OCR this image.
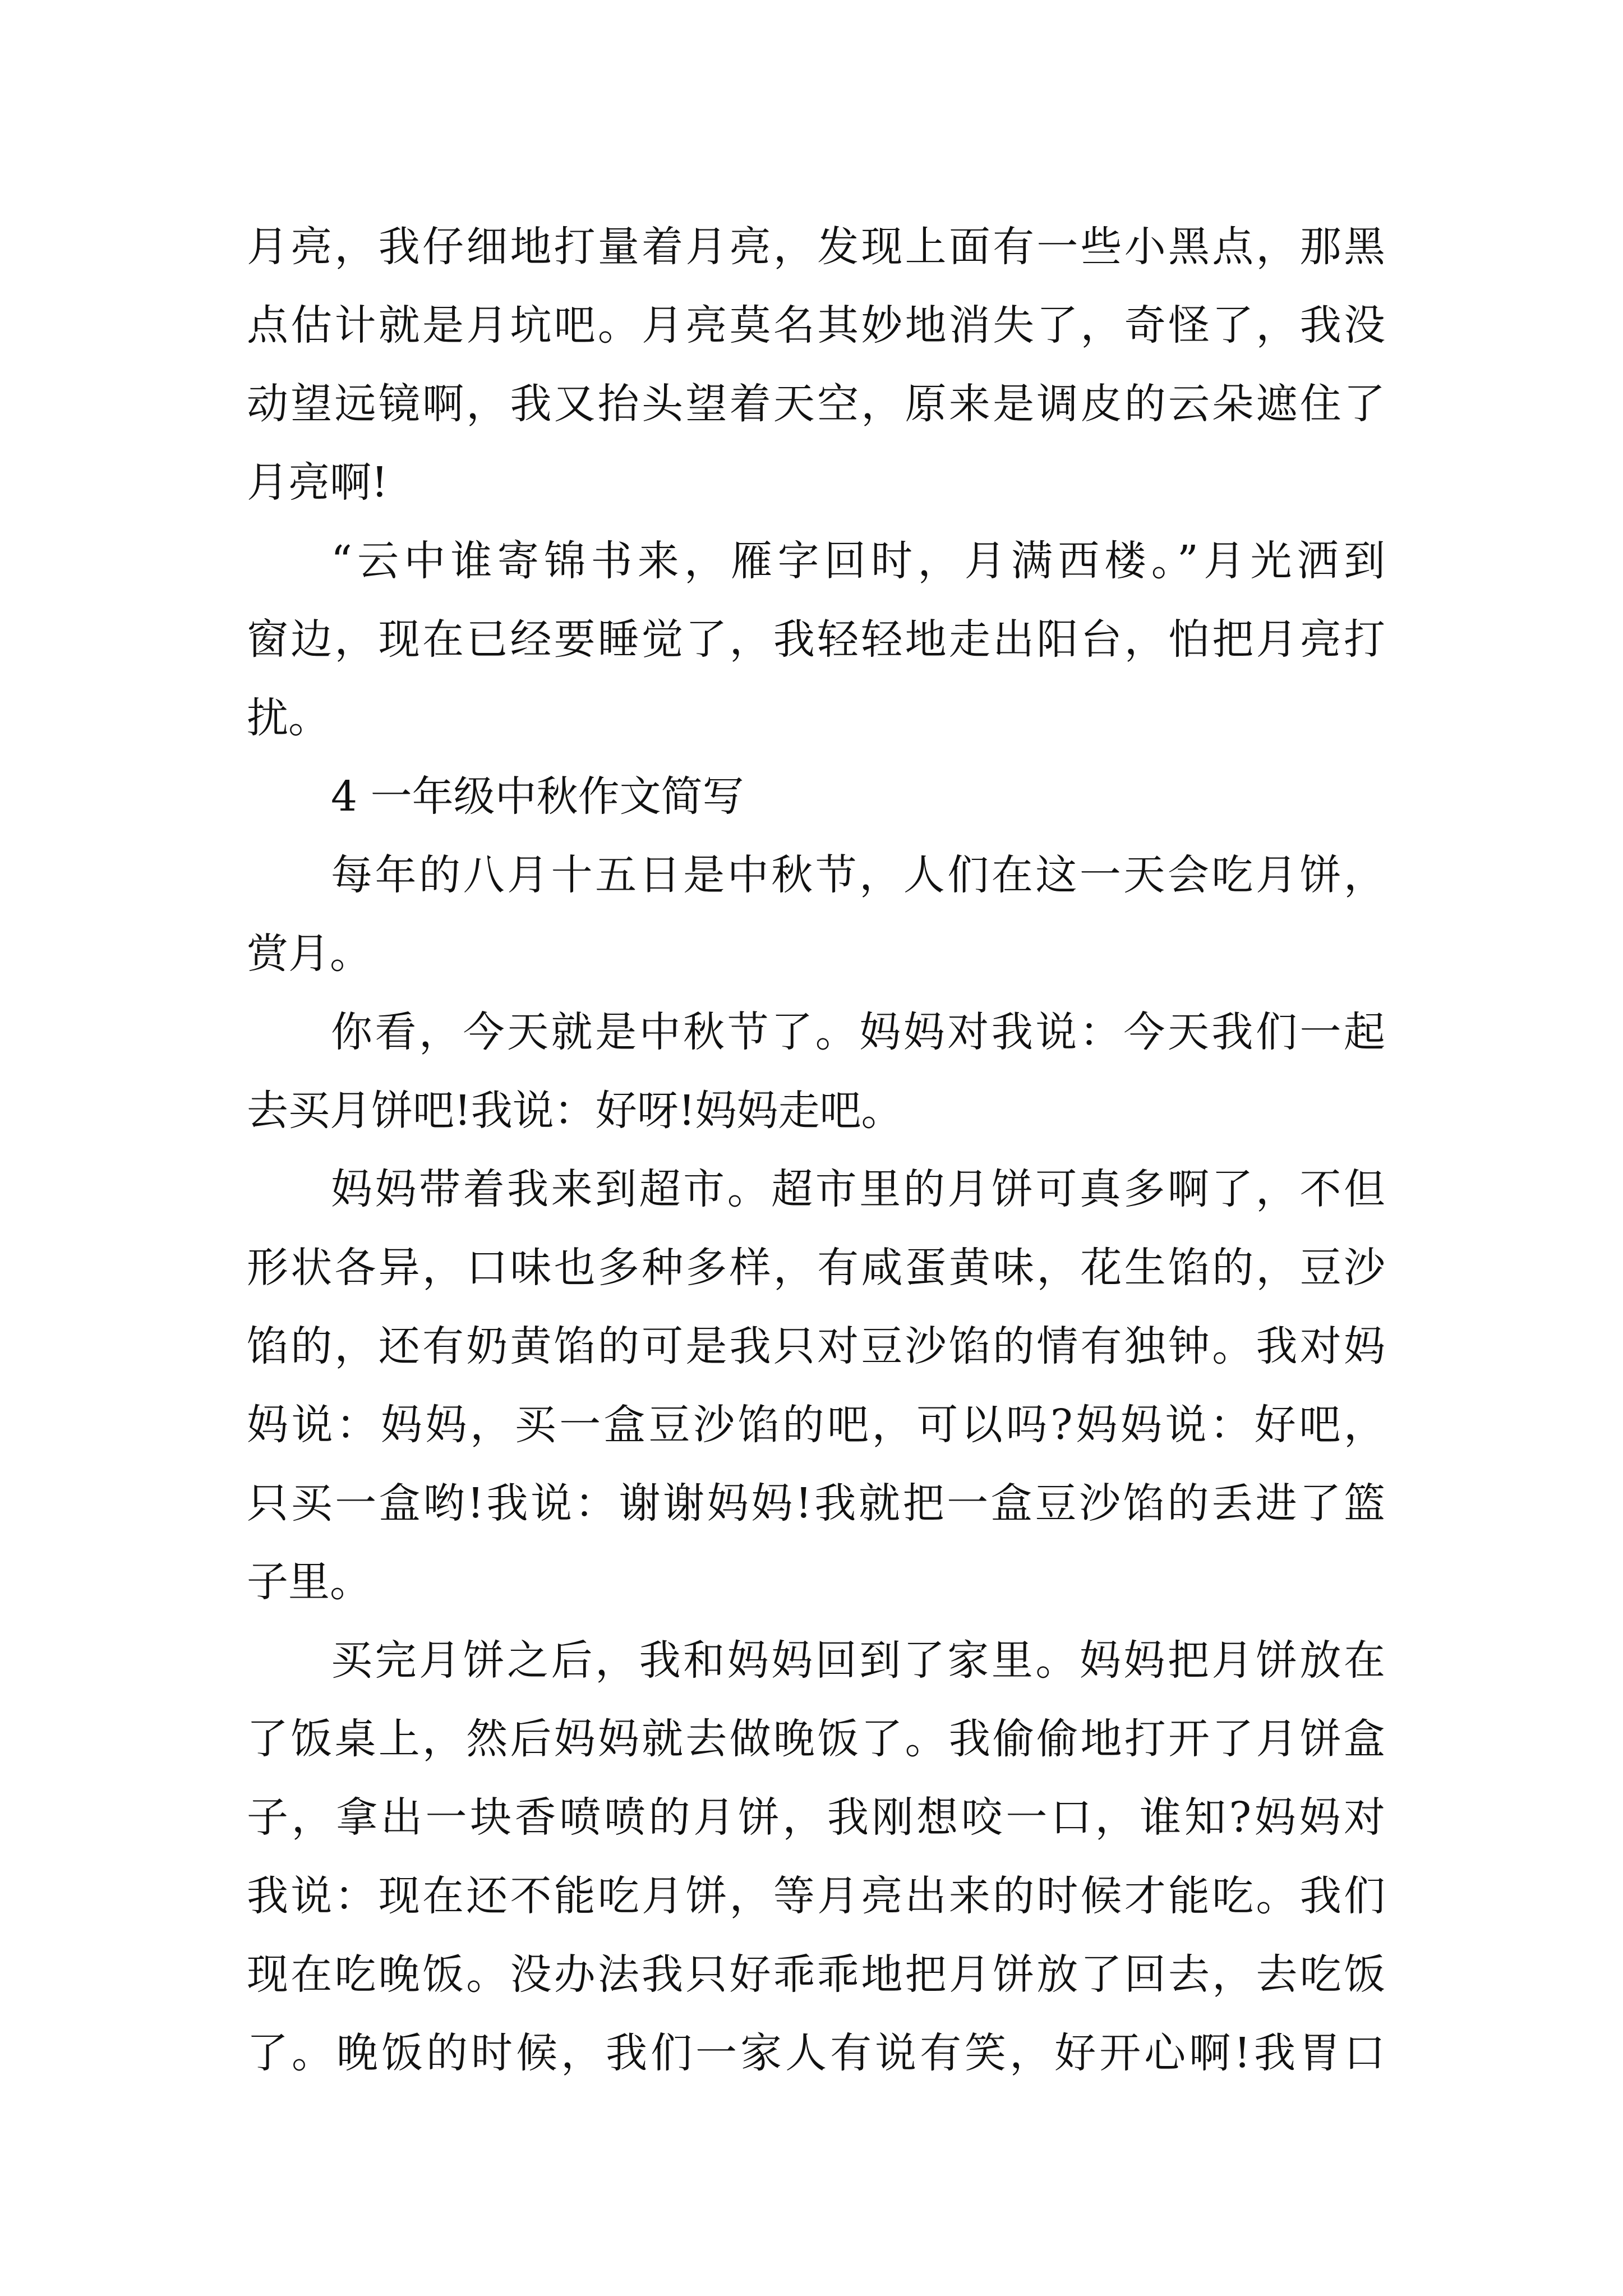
月亮，我仔细地打量着月亮，发现上面有一些小黑点，那黑
点估计就是月坑吧。月亮莫名其妙地消失了，奇怪了，我没
动望远镜啊，我又抬头望着天空，原来是调皮的云朵遮住了
月亮啊!
“云中谁寄锦书来，雁字回时，月满西楼。”月光洒到
窗边，现在已经要睡觉了，我轻轻地走出阳台，怕把月亮打
扰。
4 一年级中秋作文简写
每年的八月十五日是中秋节，人们在这一天会吃月饼，
赏月。
你看，今天就是中秋节了。妈妈对我说：今天我们一起
去买月饼吧!我说：好呀!妈妈走吧。
妈妈带着我来到超市。超市里的月饼可真多啊了，不但
形状各异，口味也多种多样，有咸蛋黄味，花生馅的，豆沙
馅的，还有奶黄馅的可是我只对豆沙馅的情有独钟。我对妈
妈说：妈妈，买一盒豆沙馅的吧，可以吗?妈妈说：好吧，
只买一盒哟!我说：谢谢妈妈!我就把一盒豆沙馅的丢进了篮
子里。
买完月饼之后，我和妈妈回到了家里。妈妈把月饼放在
了饭桌上，然后妈妈就去做晚饭了。我偷偷地打开了月饼盒
子，拿出一块香喷喷的月饼，我刚想咬一口，谁知?妈妈对
我说：现在还不能吃月饼，等月亮出来的时候才能吃。我们
现在吃晚饭。没办法我只好乖乖地把月饼放了回去，去吃饭
了。晚饭的时候，我们一家人有说有笑，好开心啊!我胃口
